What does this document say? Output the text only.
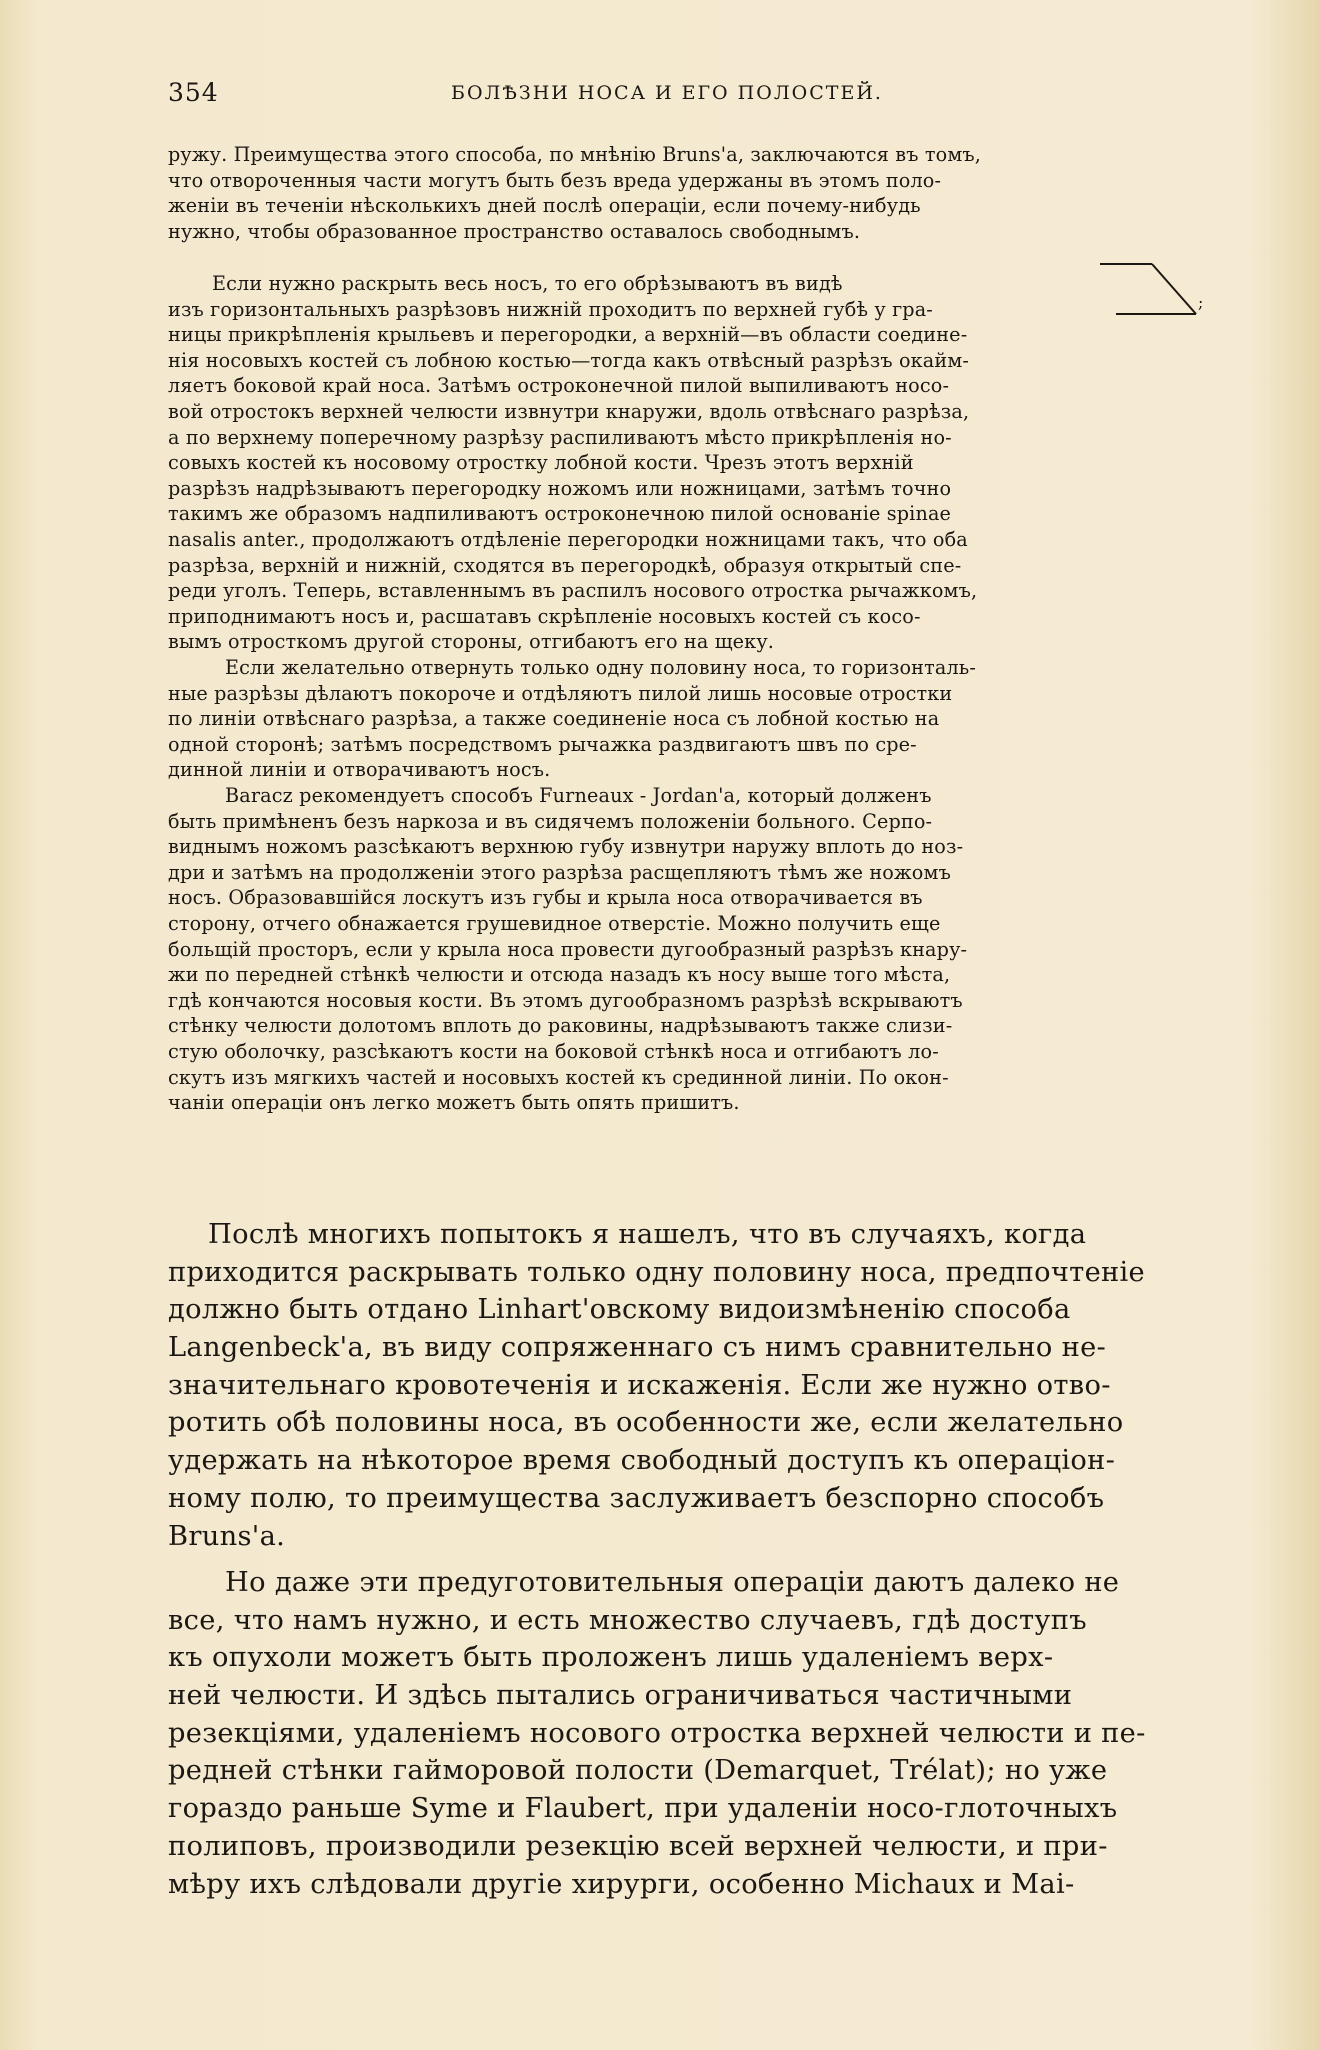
354	БОЛѢЗНИ НОСА И ЕГО ПОЛОСТЕЙ.
ружу. Преимущества этого способа, по мнѣнію Bruns'а, заключаются въ томъ,
что отвороченныя части могутъ быть безъ вреда удержаны въ этомъ поло-
женіи въ теченіи нѣсколькихъ дней послѣ операціи, если почему-нибудь
нужно, чтобы образованное пространство оставалось свободнымъ.
Если нужно раскрыть весь носъ, то его обрѣзываютъ въ видѣ
изъ горизонтальныхъ разрѣзовъ нижній проходитъ по верхней губѣ у гра-
ницы прикрѣпленія крыльевъ и перегородки, а верхній—въ области соедине-
нія носовыхъ костей съ лобною костью—тогда какъ отвѣсный разрѣзъ окайм-
ляетъ боковой край носа. Затѣмъ остроконечной пилой выпиливаютъ носо-
вой отростокъ верхней челюсти извнутри кнаружи, вдоль отвѣснаго разрѣза,
а по верхнему поперечному разрѣзу распиливаютъ мѣсто прикрѣпленія но-
совыхъ костей къ носовому отростку лобной кости. Чрезъ этотъ верхній
разрѣзъ надрѣзываютъ перегородку ножомъ или ножницами, затѣмъ точно
такимъ же образомъ надпиливаютъ остроконечною пилой основаніе spinae
nasalis anter., продолжаютъ отдѣленіе перегородки ножницами такъ, что оба
разрѣза, верхній и нижній, сходятся въ перегородкѣ, образуя открытый спе-
реди уголъ. Теперь, вставленнымъ въ распилъ носового отростка рычажкомъ,
приподнимаютъ носъ и, расшатавъ скрѣпленіе носовыхъ костей съ косо-
вымъ отросткомъ другой стороны, отгибаютъ его на щеку.
;
Если желательно отвернуть только одну половину носа, то горизонталь-
ные разрѣзы дѣлаютъ покороче и отдѣляютъ пилой лишь носовые отростки
по линіи отвѣснаго разрѣза, а также соединеніе носа съ лобной костью на
одной сторонѣ; затѣмъ посредствомъ рычажка раздвигаютъ швъ по сре-
динной линіи и отворачиваютъ носъ.
Baracz рекомендуетъ способъ Furneaux - Jordan'а, который долженъ
быть примѣненъ безъ наркоза и въ сидячемъ положеніи больного. Серпо-
виднымъ ножомъ разсѣкаютъ верхнюю губу извнутри наружу вплоть до ноз-
дри и затѣмъ на продолженіи этого разрѣза расщепляютъ тѣмъ же ножомъ
носъ. Образовавшійся лоскутъ изъ губы и крыла носа отворачивается въ
сторону, отчего обнажается грушевидное отверстіе. Можно получить еще
больщій просторъ, если у крыла носа провести дугообразный разрѣзъ кнару-
жи по передней стѣнкѣ челюсти и отсюда назадъ къ носу выше того мѣста,
гдѣ кончаются носовыя кости. Въ этомъ дугообразномъ разрѣзѣ вскрываютъ
стѣнку челюсти долотомъ вплоть до раковины, надрѣзываютъ также слизи-
стую оболочку, разсѣкаютъ кости на боковой стѣнкѣ носа и отгибаютъ ло-
скутъ изъ мягкихъ частей и носовыхъ костей къ срединной линіи. По окон-
чаніи операціи онъ легко можетъ быть опять пришитъ.
Послѣ многихъ попытокъ я нашелъ, что въ случаяхъ, когда
приходится раскрывать только одну половину носа, предпочтеніе
должно быть отдано Linhart'овскому видоизмѣненію способа
Langenbeck'а, въ виду сопряженнаго съ нимъ сравнительно не-
значительнаго кровотеченія и искаженія. Если же нужно отво-
ротить обѣ половины носа, въ особенности же, если желательно
удержать на нѣкоторое время свободный доступъ къ операціон-
ному полю, то преимущества заслуживаетъ безспорно способъ
Bruns'а.
Но даже эти предуготовительныя операціи даютъ далеко не
все, что намъ нужно, и есть множество случаевъ, гдѣ доступъ
къ опухоли можетъ быть проложенъ лишь удаленіемъ верх-
ней челюсти. И здѣсь пытались ограничиваться частичными
резекціями, удаленіемъ носового отростка верхней челюсти и пе-
редней стѣнки гайморовой полости (Demarquet, Trélat); но уже
гораздо раньше Syme и Flaubert, при удаленіи носо-глоточныхъ
полиповъ, производили резекцію всей верхней челюсти, и при-
мѣру ихъ слѣдовали другіе хирурги, особенно Michaux и Mai-
